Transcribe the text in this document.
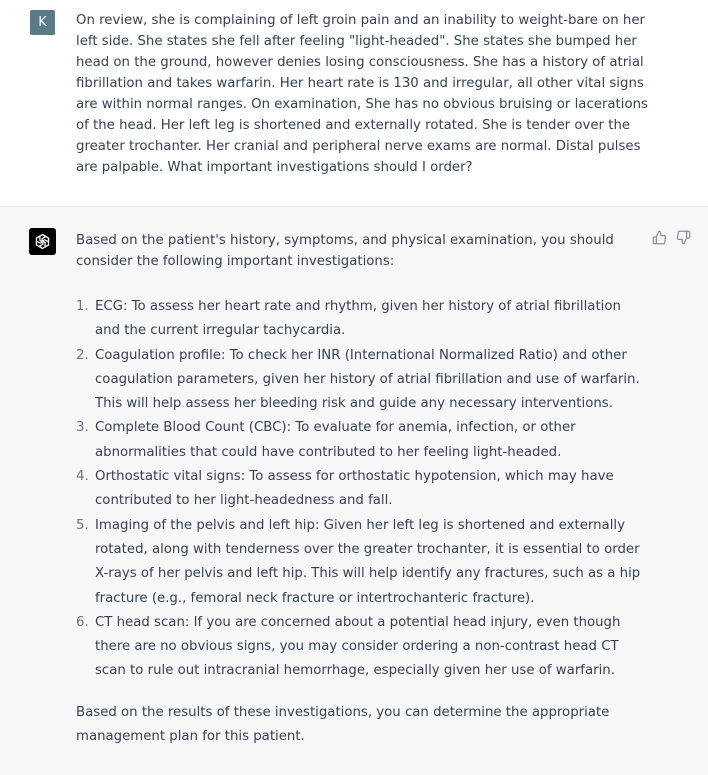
K	On review, she is complaining of left groin pain and an inability to weight-bare on her left side. She states she fell after feeling "light-headed". She states she bumped her head on the ground, however denies losing consciousness. She has a history of atrial fibrillation and takes warfarin. Her heart rate is 130 and irregular, all other vital signs are within normal ranges. On examination, She has no obvious bruising or lacerations of the head. Her left leg is shortened and externally rotated. She is tender over the greater trochanter. Her cranial and peripheral nerve exams are normal. Distal pulses are palpable. What important investigations should I order?
Based on the patient's history, symptoms, and physical examination, you should consider the following important investigations:
1. ECG: To assess her heart rate and rhythm, given her history of atrial fibrillation and the current irregular tachycardia.
2. Coagulation profile: To check her INR (International Normalized Ratio) and other coagulation parameters, given her history of atrial fibrillation and use of warfarin. This will help assess her bleeding risk and guide any necessary interventions.
3. Complete Blood Count (CBC): To evaluate for anemia, infection, or other abnormalities that could have contributed to her feeling light-headed.
4. Orthostatic vital signs: To assess for orthostatic hypotension, which may have contributed to her light-headedness and fall.
5. Imaging of the pelvis and left hip: Given her left leg is shortened and externally rotated, along with tenderness over the greater trochanter, it is essential to order X-rays of her pelvis and left hip. This will help identify any fractures, such as a hip fracture (e.g., femoral neck fracture or intertrochanteric fracture).
6. CT head scan: If you are concerned about a potential head injury, even though there are no obvious signs, you may consider ordering a non-contrast head CT scan to rule out intracranial hemorrhage, especially given her use of warfarin.
Based on the results of these investigations, you can determine the appropriate management plan for this patient.
